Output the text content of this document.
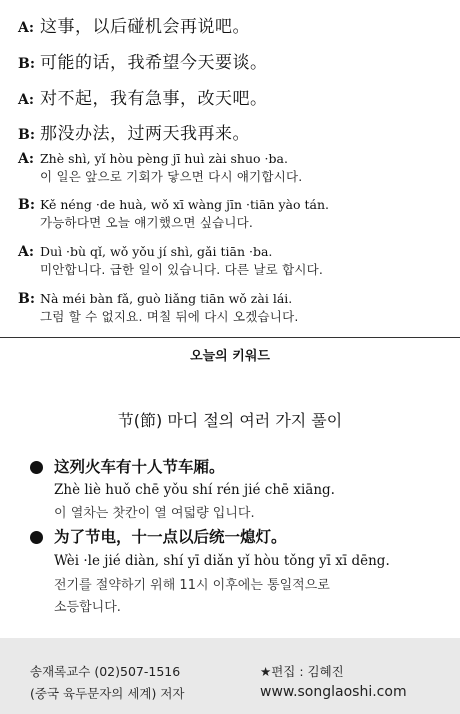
A: 这事，以后碰机会再说吧。
B: 可能的话，我希望今天要谈。
A: 对不起，我有急事，改天吧。
B: 那没办法，过两天我再来。
A: Zhè shì, yǐ hòu pèng jī huì zài shuo ·ba.
이 일은 앞으로 기회가 닿으면 다시 얘기합시다.
B: Kě néng ·de huà, wǒ xī wàng jīn ·tiān yào tán.
가능하다면 오늘 얘기했으면 싶습니다.
A: Duì ·bù qǐ, wǒ yǒu jí shì, gǎi tiān ·ba.
미안합니다. 급한 일이 있습니다. 다른 날로 합시다.
B: Nà méi bàn fǎ, guò liǎng tiān wǒ zài lái.
그럼 할 수 없지요. 며칠 뒤에 다시 오겠습니다.
오늘의 키워드
节(節) 마디 절의 여러 가지 풀이
这列火车有十人节车厢。
Zhè liè huǒ chē yǒu shí rén jié chē xiāng.
이 열차는 찻칸이 열 여덟량 입니다.
为了节电，十一点以后统一熄灯。
Wèi ·le jié diàn, shí yī diǎn yǐ hòu tǒng yī xī dēng.
전기를 절약하기 위해 11시 이후에는 통일적으로
소등합니다.
송재록교수 (02)507-1516
(중국 육두문자의 세계) 저자
★편집 : 김혜진
www.songlaoshi.com
